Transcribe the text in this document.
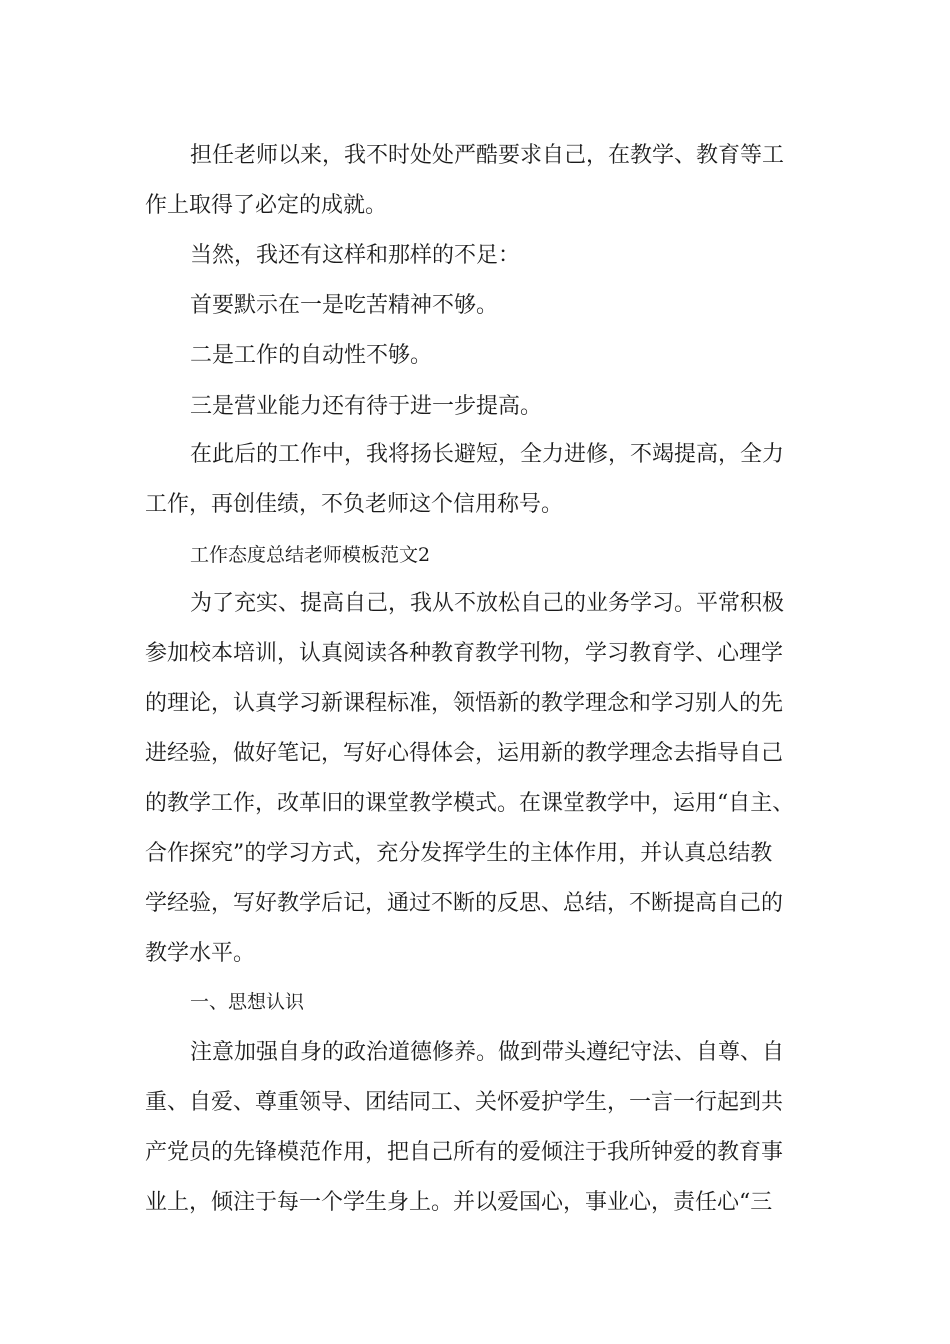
担任老师以来，我不时处处严酷要求自己，在教学、教育等工
作上取得了必定的成就。
当然，我还有这样和那样的不足：
首要默示在一是吃苦精神不够。
二是工作的自动性不够。
三是营业能力还有待于进一步提高。
在此后的工作中，我将扬长避短，全力进修，不竭提高，全力
工作，再创佳绩，不负老师这个信用称号。
工作态度总结老师模板范文2
为了充实、提高自己，我从不放松自己的业务学习。平常积极
参加校本培训，认真阅读各种教育教学刊物，学习教育学、心理学
的理论，认真学习新课程标准，领悟新的教学理念和学习别人的先
进经验，做好笔记，写好心得体会，运用新的教学理念去指导自己
的教学工作，改革旧的课堂教学模式。在课堂教学中，运用“自主、
合作探究”的学习方式，充分发挥学生的主体作用，并认真总结教
学经验，写好教学后记，通过不断的反思、总结，不断提高自己的
教学水平。
一、思想认识
注意加强自身的政治道德修养。做到带头遵纪守法、自尊、自
重、自爱、尊重领导、团结同工、关怀爱护学生，一言一行起到共
产党员的先锋模范作用，把自己所有的爱倾注于我所钟爱的教育事
业上，倾注于每一个学生身上。并以爱国心，事业心，责任心“三
